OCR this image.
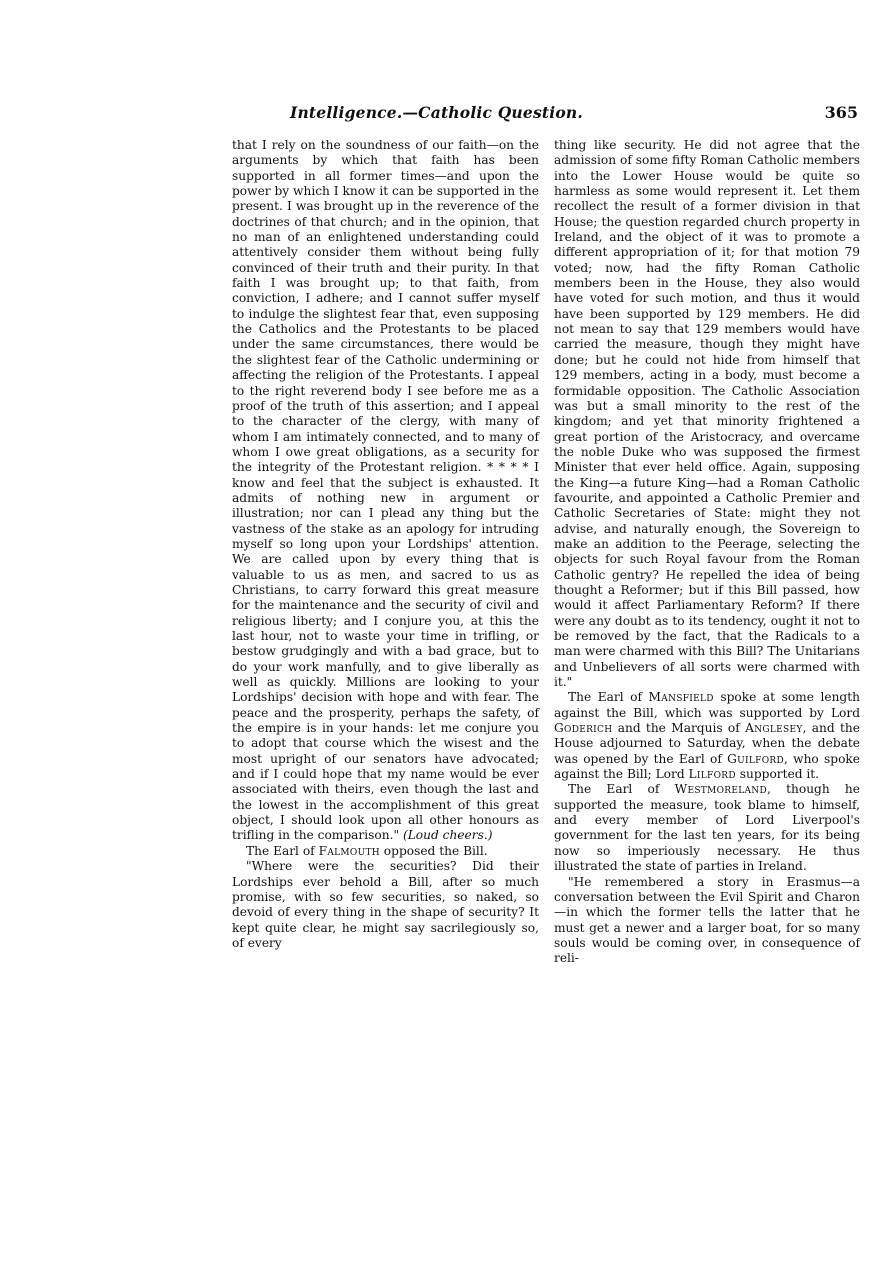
Intelligence.—Catholic Question.	365

that I rely on the soundness of our faith—on the arguments by which that faith has been supported in all former times—and upon the power by which I know it can be supported in the present. I was brought up in the reverence of the doctrines of that church; and in the opinion, that no man of an enlightened understanding could attentively consider them without being fully convinced of their truth and their purity. In that faith I was brought up; to that faith, from conviction, I adhere; and I cannot suffer myself to indulge the slightest fear that, even supposing the Catholics and the Protestants to be placed under the same circumstances, there would be the slightest fear of the Catholic undermining or affecting the religion of the Protestants. I appeal to the right reverend body I see before me as a proof of the truth of this assertion; and I appeal to the character of the clergy, with many of whom I am intimately connected, and to many of whom I owe great obligations, as a security for the integrity of the Protestant religion. * * * * I know and feel that the subject is exhausted. It admits of nothing new in argument or illustration; nor can I plead any thing but the vastness of the stake as an apology for intruding myself so long upon your Lordships' attention. We are called upon by every thing that is valuable to us as men, and sacred to us as Christians, to carry forward this great measure for the maintenance and the security of civil and religious liberty; and I conjure you, at this the last hour, not to waste your time in trifling, or bestow grudgingly and with a bad grace, but to do your work manfully, and to give liberally as well as quickly. Millions are looking to your Lordships' decision with hope and with fear. The peace and the prosperity, perhaps the safety, of the empire is in your hands: let me conjure you to adopt that course which the wisest and the most upright of our senators have advocated; and if I could hope that my name would be ever associated with theirs, even though the last and the lowest in the accomplishment of this great object, I should look upon all other honours as trifling in the comparison." (Loud cheers.)

The Earl of Falmouth opposed the Bill.

"Where were the securities? Did their Lordships ever behold a Bill, after so much promise, with so few securities, so naked, so devoid of every thing in the shape of security? It kept quite clear, he might say sacrilegiously so, of every

thing like security. He did not agree that the admission of some fifty Roman Catholic members into the Lower House would be quite so harmless as some would represent it. Let them recollect the result of a former division in that House; the question regarded church property in Ireland, and the object of it was to promote a different appropriation of it; for that motion 79 voted; now, had the fifty Roman Catholic members been in the House, they also would have voted for such motion, and thus it would have been supported by 129 members. He did not mean to say that 129 members would have carried the measure, though they might have done; but he could not hide from himself that 129 members, acting in a body, must become a formidable opposition. The Catholic Association was but a small minority to the rest of the kingdom; and yet that minority frightened a great portion of the Aristocracy, and overcame the noble Duke who was supposed the firmest Minister that ever held office. Again, supposing the King—a future King—had a Roman Catholic favourite, and appointed a Catholic Premier and Catholic Secretaries of State: might they not advise, and naturally enough, the Sovereign to make an addition to the Peerage, selecting the objects for such Royal favour from the Roman Catholic gentry? He repelled the idea of being thought a Reformer; but if this Bill passed, how would it affect Parliamentary Reform? If there were any doubt as to its tendency, ought it not to be removed by the fact, that the Radicals to a man were charmed with this Bill? The Unitarians and Unbelievers of all sorts were charmed with it."

The Earl of Mansfield spoke at some length against the Bill, which was supported by Lord Goderich and the Marquis of Anglesey, and the House adjourned to Saturday, when the debate was opened by the Earl of Guilford, who spoke against the Bill; Lord Lilford supported it.

The Earl of Westmoreland, though he supported the measure, took blame to himself, and every member of Lord Liverpool's government for the last ten years, for its being now so imperiously necessary. He thus illustrated the state of parties in Ireland.

"He remembered a story in Erasmus—a conversation between the Evil Spirit and Charon—in which the former tells the latter that he must get a newer and a larger boat, for so many souls would be coming over, in consequence of reli-
